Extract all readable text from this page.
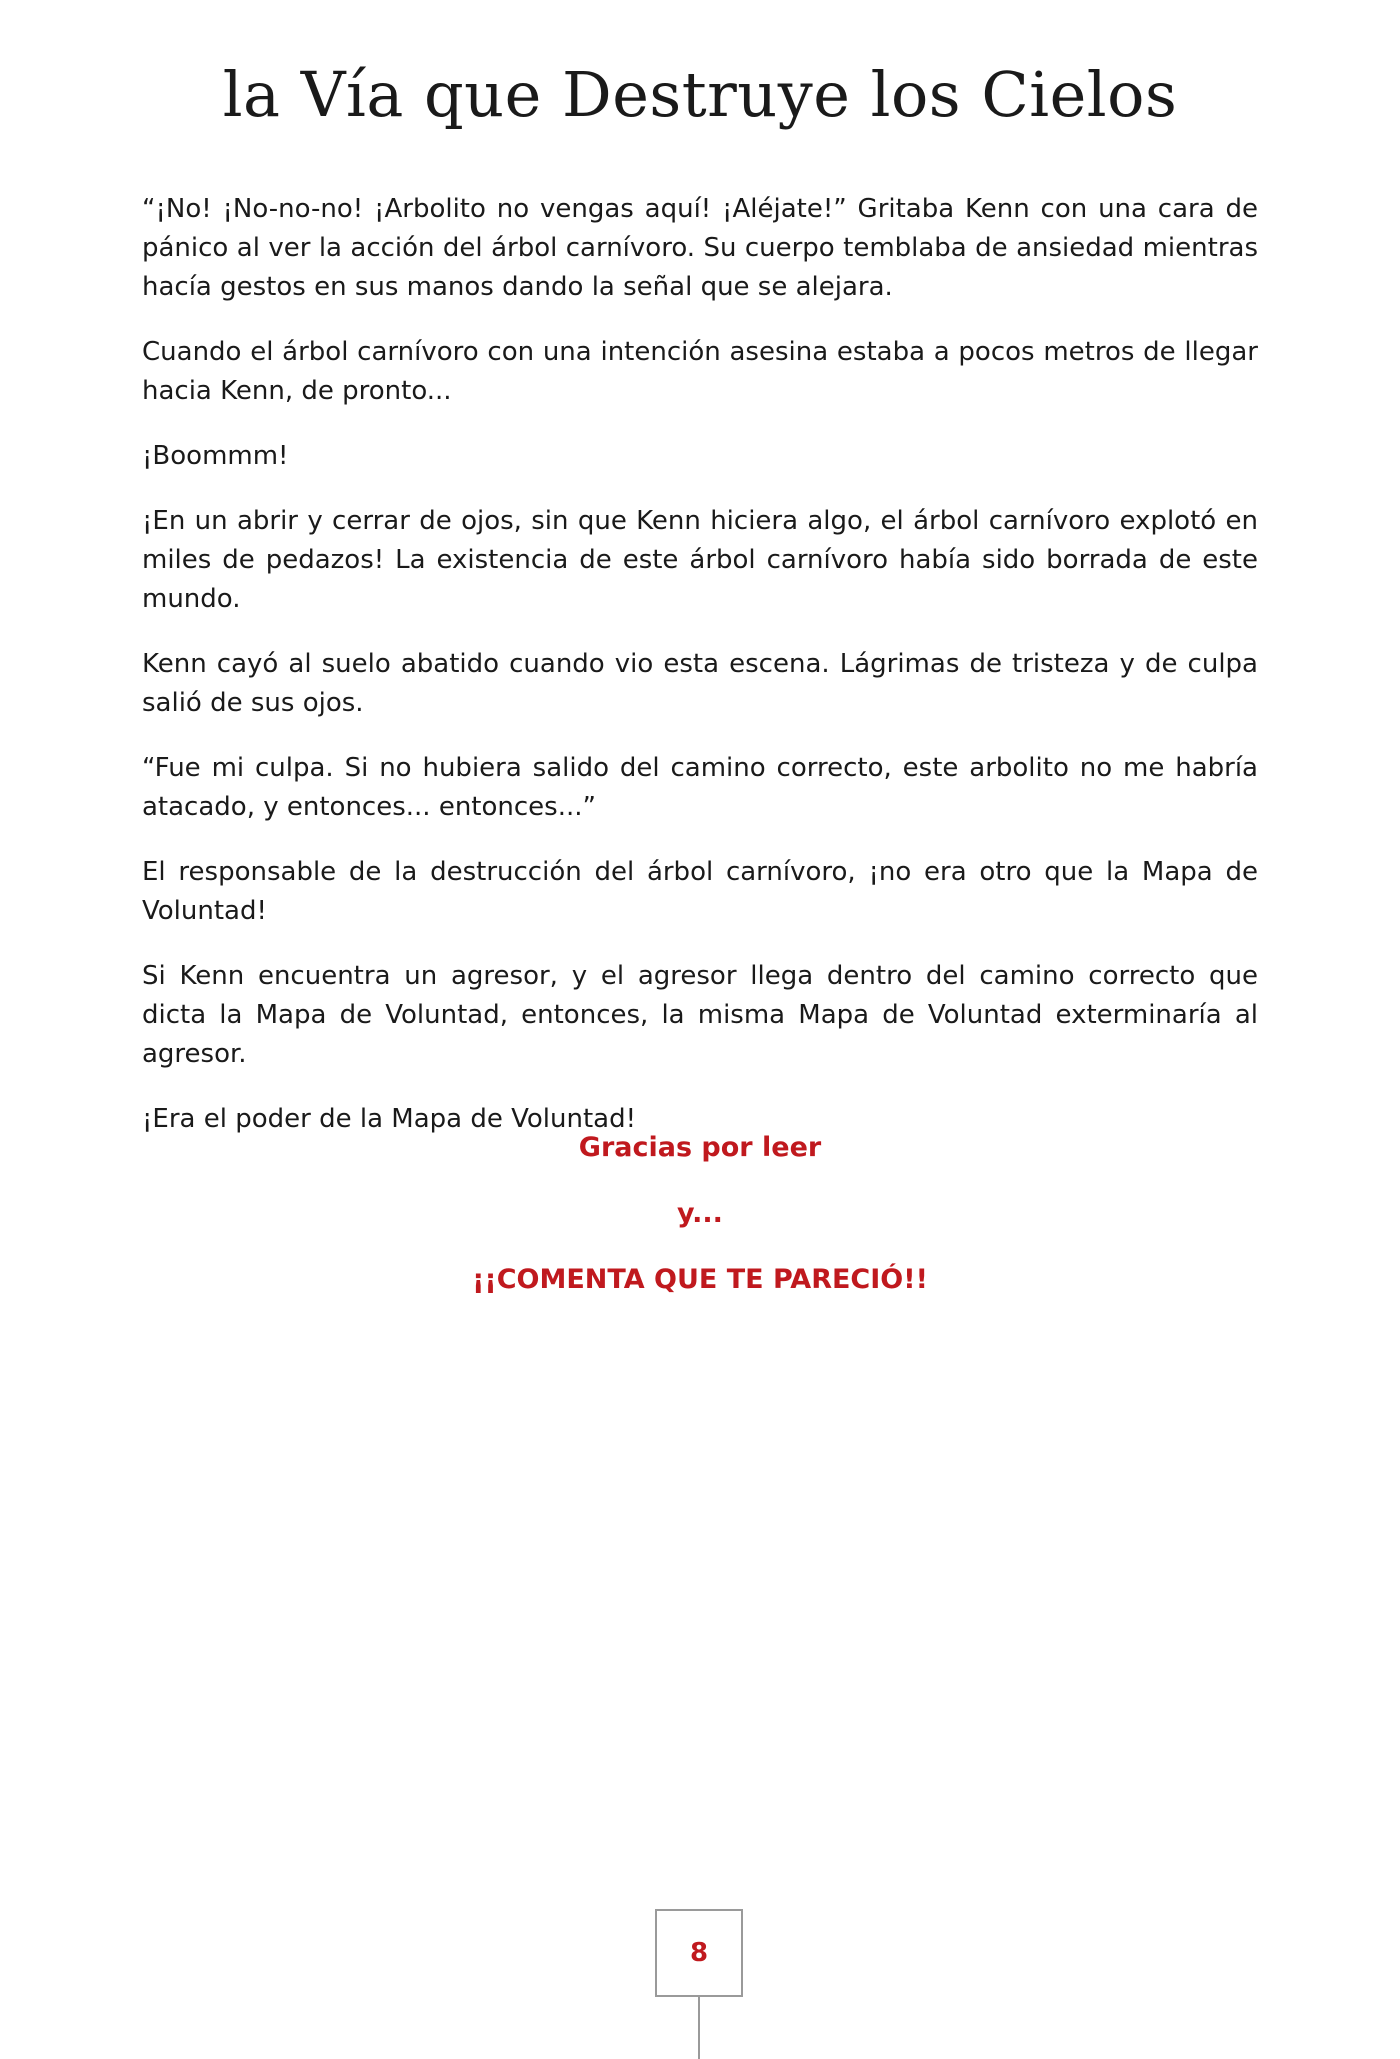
la Vía que Destruye los Cielos

“¡No! ¡No-no-no! ¡Arbolito no vengas aquí! ¡Aléjate!” Gritaba Kenn con una cara de pánico al ver la acción del árbol carnívoro. Su cuerpo temblaba de ansiedad mientras hacía gestos en sus manos dando la señal que se alejara.

Cuando el árbol carnívoro con una intención asesina estaba a pocos metros de llegar hacia Kenn, de pronto...

¡Boommm!

¡En un abrir y cerrar de ojos, sin que Kenn hiciera algo, el árbol carnívoro explotó en miles de pedazos! La existencia de este árbol carnívoro había sido borrada de este mundo.

Kenn cayó al suelo abatido cuando vio esta escena. Lágrimas de tristeza y de culpa salió de sus ojos.

“Fue mi culpa. Si no hubiera salido del camino correcto, este arbolito no me habría atacado, y entonces... entonces...”

El responsable de la destrucción del árbol carnívoro, ¡no era otro que la Mapa de Voluntad!

Si Kenn encuentra un agresor, y el agresor llega dentro del camino correcto que dicta la Mapa de Voluntad, entonces, la misma Mapa de Voluntad exterminaría al agresor.

¡Era el poder de la Mapa de Voluntad!

Gracias por leer
y...
¡¡COMENTA QUE TE PARECIÓ!!
8
